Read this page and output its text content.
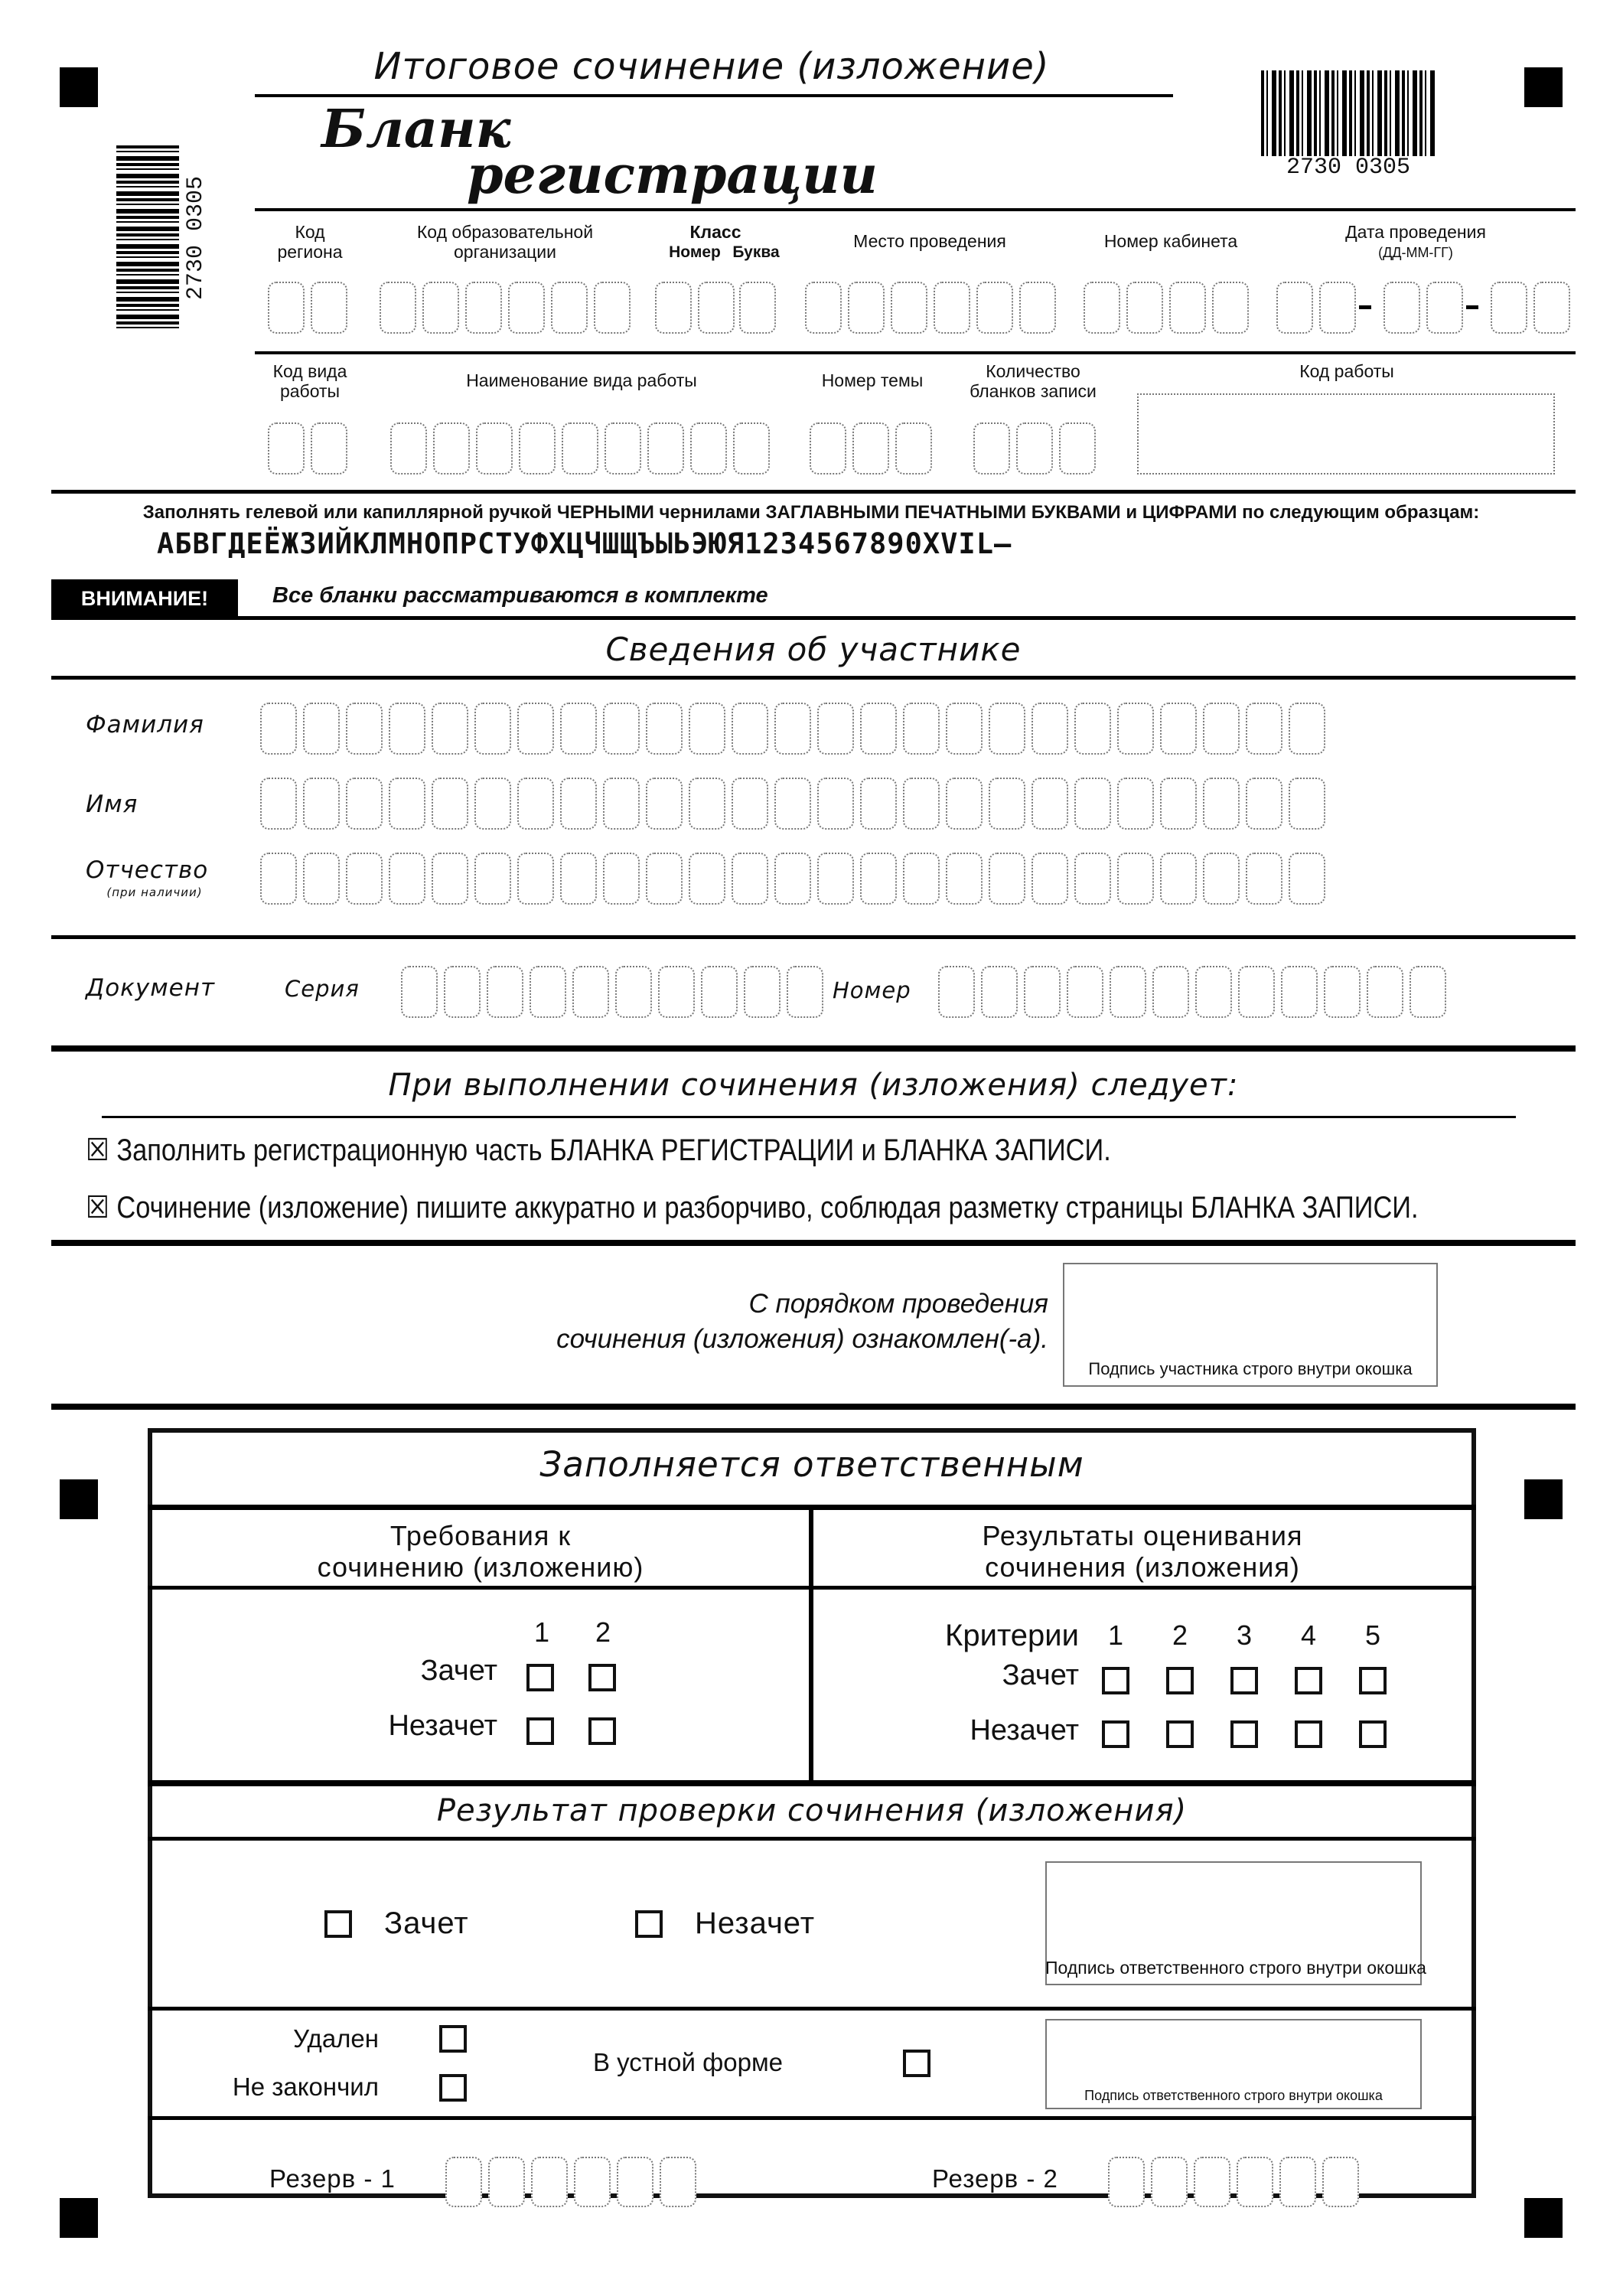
2730 0305
2730 0305
Итоговое сочинение (изложение)
Бланк
регистрации
Код
региона
Код образовательной
организации
Класс
Номер Буква
Место проведения	Номер кабинета	Дата проведения
(ДД-ММ-ГГ)
Код вида
работы
Наименование вида работы	Номер темы	Количество
бланков записи
Код работы
Заполнять гелевой или капиллярной ручкой ЧЕРНЫМИ чернилами ЗАГЛАВНЫМИ ПЕЧАТНЫМИ БУКВАМИ и ЦИФРАМИ по следующим образцам:
АБВГДЕЁЖЗИЙКЛМНОПРСТУФХЦЧШЩЪЫЬЭЮЯ1234567890XVIL–
ВНИМАНИЕ!	Все бланки рассматриваются в комплекте
Сведения об участнике
Фамилия
Имя
Отчество
(при наличии)
Документ	Серия	Номер
При выполнении сочинения (изложения) следует:
☒ Заполнить регистрационную часть БЛАНКА РЕГИСТРАЦИИ и БЛАНКА ЗАПИСИ.
☒ Сочинение (изложение) пишите аккуратно и разборчиво, соблюдая разметку страницы БЛАНКА ЗАПИСИ.
С порядком проведения
сочинения (изложения) ознакомлен(-а).
Подпись участника строго внутри окошка
Заполняется ответственным
Требования к
сочинению (изложению)
Результаты оценивания
сочинения (изложения)
1 2
Зачет
Незачет
Критерии 1 2 3 4 5
Зачет
Незачет
Результат проверки сочинения (изложения)
Зачет	Незачет
Подпись ответственного строго внутри окошка
Удален
Не закончил
В устной форме
Подпись ответственного строго внутри окошка
Резерв - 1	Резерв - 2
